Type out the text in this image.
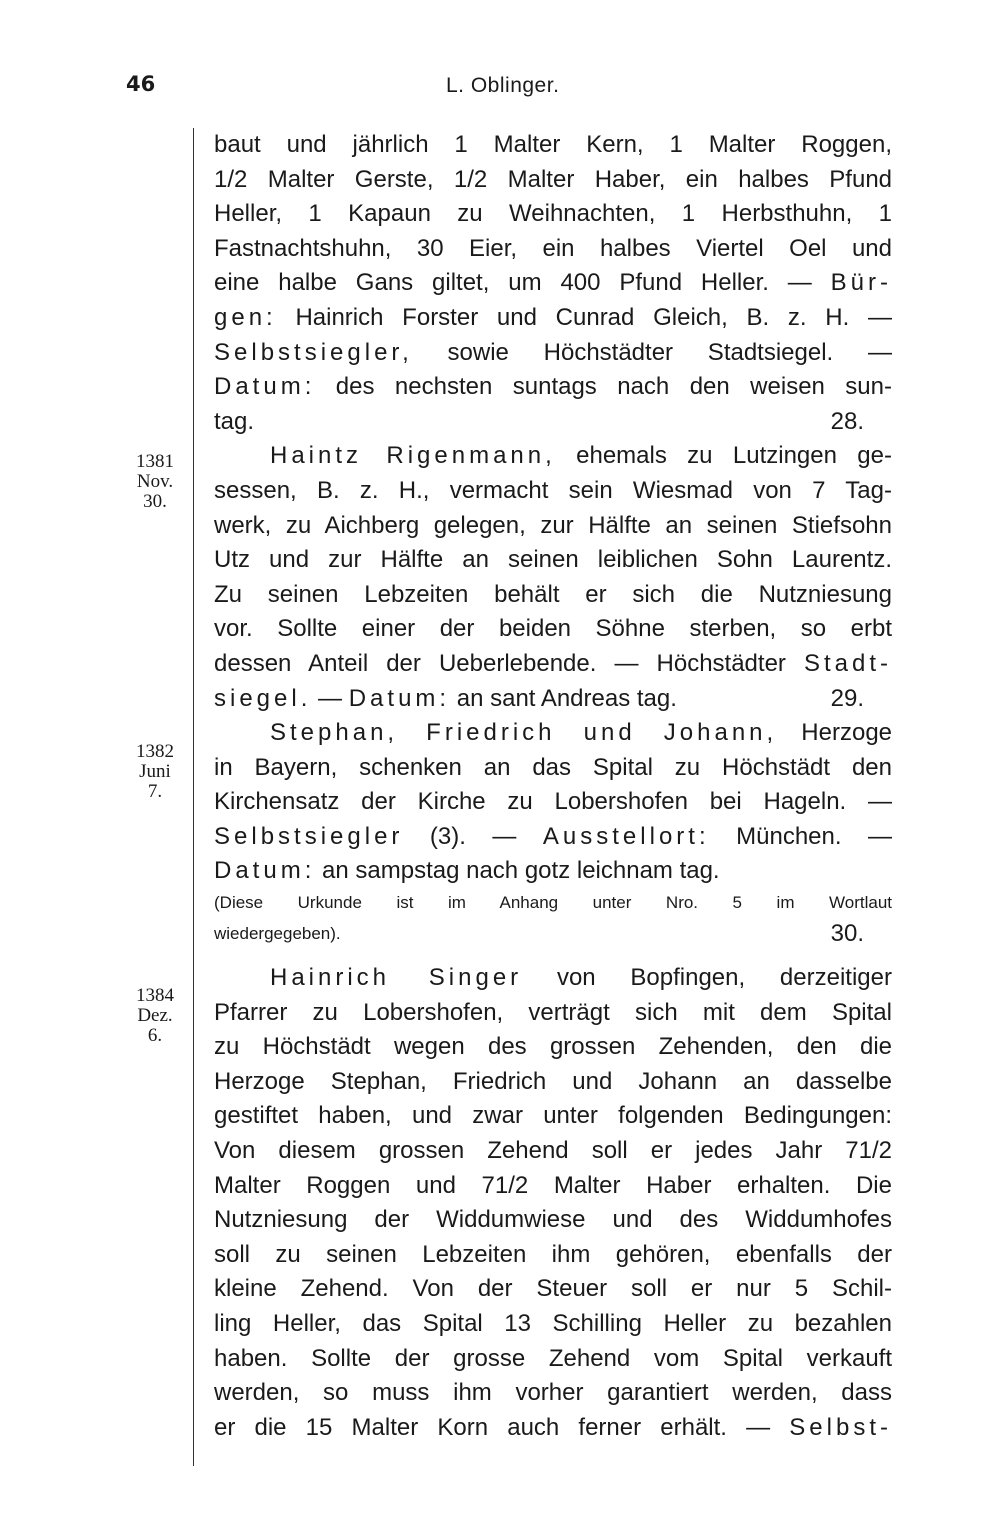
46	L. Oblinger.
1381
Nov.
30.
1382
Juni
7.
1384
Dez.
6.
baut und jährlich 1 Malter Kern, 1 Malter Roggen,
1/2 Malter Gerste, 1/2 Malter Haber, ein halbes Pfund
Heller, 1 Kapaun zu Weihnachten, 1 Herbsthuhn, 1
Fastnachtshuhn, 30 Eier, ein halbes Viertel Oel und
eine halbe Gans giltet, um 400 Pfund Heller. — Bür-
gen: Hainrich Forster und Cunrad Gleich, B. z. H. —
Selbstsiegler, sowie Höchstädter Stadtsiegel. —
Datum: des nechsten suntags nach den weisen sun-
tag.	28.
Haintz Rigenmann, ehemals zu Lutzingen ge-
sessen, B. z. H., vermacht sein Wiesmad von 7 Tag-
werk, zu Aichberg gelegen, zur Hälfte an seinen Stiefsohn
Utz und zur Hälfte an seinen leiblichen Sohn Laurentz.
Zu seinen Lebzeiten behält er sich die Nutzniesung
vor. Sollte einer der beiden Söhne sterben, so erbt
dessen Anteil der Ueberlebende. — Höchstädter Stadt-
siegel. — Datum: an sant Andreas tag.	29.
Stephan, Friedrich und Johann, Herzoge
in Bayern, schenken an das Spital zu Höchstädt den
Kirchensatz der Kirche zu Lobershofen bei Hageln. —
Selbstsiegler (3). — Ausstellort: München. —
Datum: an sampstag nach gotz leichnam tag.
(Diese Urkunde ist im Anhang unter Nro. 5 im Wortlaut
wiedergegeben).	30.
Hainrich Singer von Bopfingen, derzeitiger
Pfarrer zu Lobershofen, verträgt sich mit dem Spital
zu Höchstädt wegen des grossen Zehenden, den die
Herzoge Stephan, Friedrich und Johann an dasselbe
gestiftet haben, und zwar unter folgenden Bedingungen:
Von diesem grossen Zehend soll er jedes Jahr 71/2
Malter Roggen und 71/2 Malter Haber erhalten. Die
Nutzniesung der Widdumwiese und des Widdumhofes
soll zu seinen Lebzeiten ihm gehören, ebenfalls der
kleine Zehend. Von der Steuer soll er nur 5 Schil-
ling Heller, das Spital 13 Schilling Heller zu bezahlen
haben. Sollte der grosse Zehend vom Spital verkauft
werden, so muss ihm vorher garantiert werden, dass
er die 15 Malter Korn auch ferner erhält. — Selbst-
